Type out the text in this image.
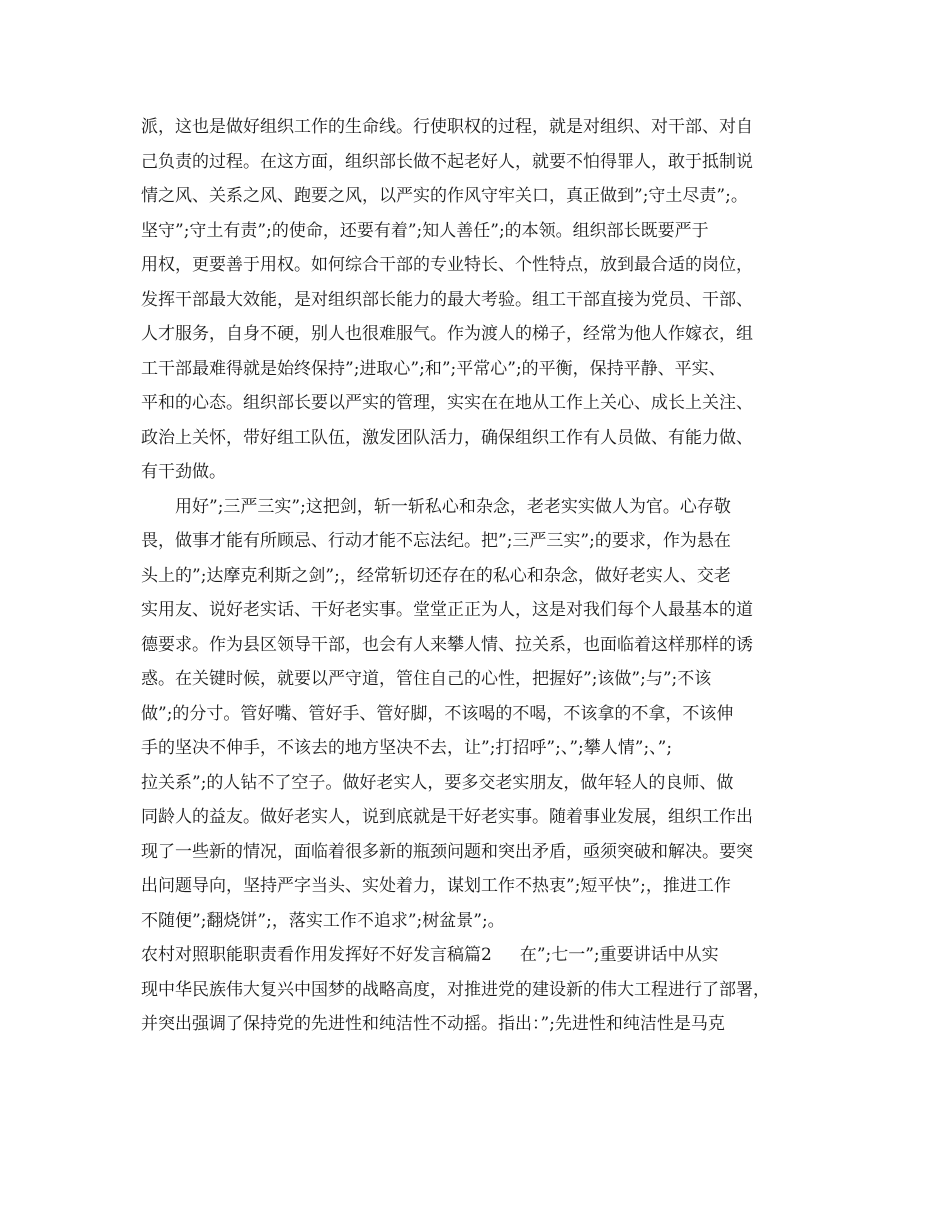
派，这也是做好组织工作的生命线。行使职权的过程，就是对组织、对干部、对自
己负责的过程。在这方面，组织部长做不起老好人，就要不怕得罪人，敢于抵制说
情之风、关系之风、跑要之风，以严实的作风守牢关口，真正做到”;守土尽责”;。
坚守”;守土有责”;的使命，还要有着”;知人善任”;的本领。组织部长既要严于
用权，更要善于用权。如何综合干部的专业特长、个性特点，放到最合适的岗位，
发挥干部最大效能，是对组织部长能力的最大考验。组工干部直接为党员、干部、
人才服务，自身不硬，别人也很难服气。作为渡人的梯子，经常为他人作嫁衣，组
工干部最难得就是始终保持”;进取心”;和”;平常心”;的平衡，保持平静、平实、
平和的心态。组织部长要以严实的管理，实实在在地从工作上关心、成长上关注、
政治上关怀，带好组工队伍，激发团队活力，确保组织工作有人员做、有能力做、
有干劲做。
用好”;三严三实”;这把剑，斩一斩私心和杂念，老老实实做人为官。心存敬
畏，做事才能有所顾忌、行动才能不忘法纪。把”;三严三实”;的要求，作为悬在
头上的”;达摩克利斯之剑”;，经常斩切还存在的私心和杂念，做好老实人、交老
实用友、说好老实话、干好老实事。堂堂正正为人，这是对我们每个人最基本的道
德要求。作为县区领导干部，也会有人来攀人情、拉关系，也面临着这样那样的诱
惑。在关键时候，就要以严守道，管住自己的心性，把握好”;该做”;与”;不该
做”;的分寸。管好嘴、管好手、管好脚，不该喝的不喝，不该拿的不拿，不该伸
手的坚决不伸手，不该去的地方坚决不去，让”;打招呼”;、”;攀人情”;、”;
拉关系”;的人钻不了空子。做好老实人，要多交老实朋友，做年轻人的良师、做
同龄人的益友。做好老实人，说到底就是干好老实事。随着事业发展，组织工作出
现了一些新的情况，面临着很多新的瓶颈问题和突出矛盾，亟须突破和解决。要突
出问题导向，坚持严字当头、实处着力，谋划工作不热衷”;短平快”;，推进工作
不随便”;翻烧饼”;，落实工作不追求”;树盆景”;。
农村对照职能职责看作用发挥好不好发言稿篇2 在”;七一”;重要讲话中从实
现中华民族伟大复兴中国梦的战略高度，对推进党的建设新的伟大工程进行了部署，
并突出强调了保持党的先进性和纯洁性不动摇。指出：”;先进性和纯洁性是马克
